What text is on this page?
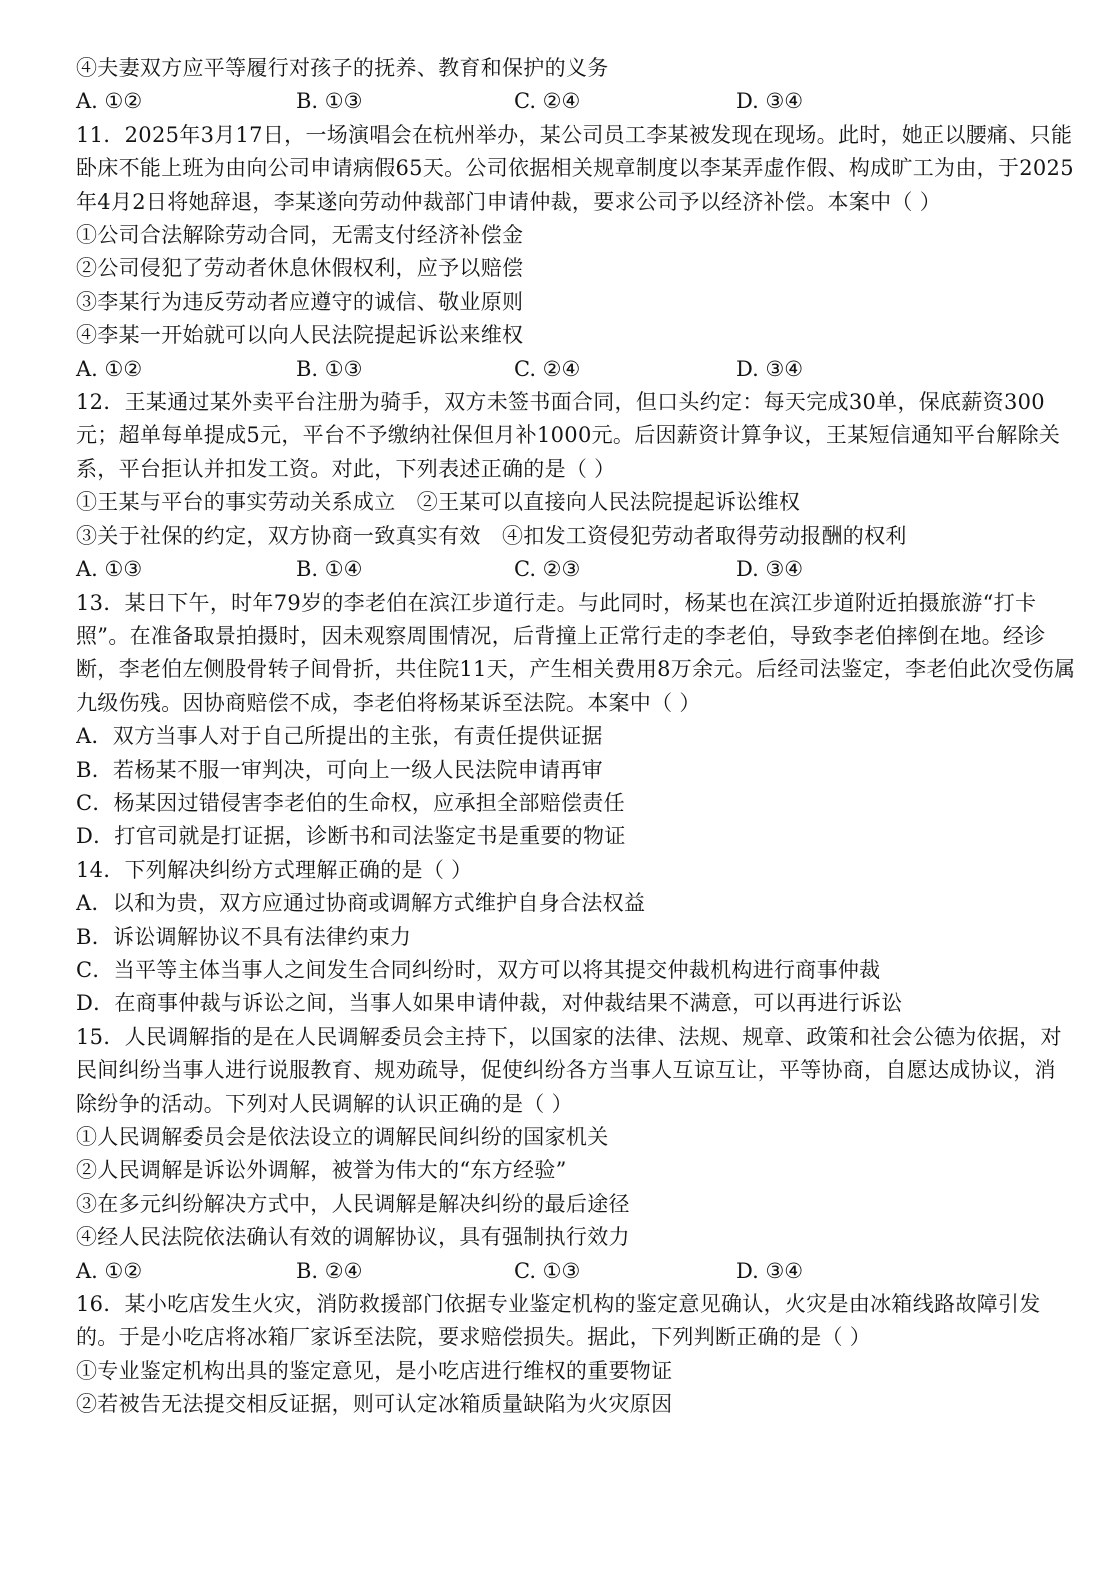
④夫妻双方应平等履行对孩子的抚养、教育和保护的义务
A. ①②	B. ①③	C. ②④	D. ③④
11．2025年3月17日，一场演唱会在杭州举办，某公司员工李某被发现在现场。此时，她正以腰痛、只能卧床不能上班为由向公司申请病假65天。公司依据相关规章制度以李某弄虚作假、构成旷工为由，于2025年4月2日将她辞退，李某遂向劳动仲裁部门申请仲裁，要求公司予以经济补偿。本案中（ ）
①公司合法解除劳动合同，无需支付经济补偿金
②公司侵犯了劳动者休息休假权利，应予以赔偿
③李某行为违反劳动者应遵守的诚信、敬业原则
④李某一开始就可以向人民法院提起诉讼来维权
A. ①②	B. ①③	C. ②④	D. ③④
12．王某通过某外卖平台注册为骑手，双方未签书面合同，但口头约定：每天完成30单，保底薪资300元；超单每单提成5元，平台不予缴纳社保但月补1000元。后因薪资计算争议，王某短信通知平台解除关系，平台拒认并扣发工资。对此，下列表述正确的是（ ）
①王某与平台的事实劳动关系成立　②王某可以直接向人民法院提起诉讼维权
③关于社保的约定，双方协商一致真实有效　④扣发工资侵犯劳动者取得劳动报酬的权利
A. ①③	B. ①④	C. ②③	D. ③④
13．某日下午，时年79岁的李老伯在滨江步道行走。与此同时，杨某也在滨江步道附近拍摄旅游“打卡照”。在准备取景拍摄时，因未观察周围情况，后背撞上正常行走的李老伯，导致李老伯摔倒在地。经诊断，李老伯左侧股骨转子间骨折，共住院11天，产生相关费用8万余元。后经司法鉴定，李老伯此次受伤属九级伤残。因协商赔偿不成，李老伯将杨某诉至法院。本案中（ ）
A．双方当事人对于自己所提出的主张，有责任提供证据
B．若杨某不服一审判决，可向上一级人民法院申请再审
C．杨某因过错侵害李老伯的生命权，应承担全部赔偿责任
D．打官司就是打证据，诊断书和司法鉴定书是重要的物证
14．下列解决纠纷方式理解正确的是（ ）
A．以和为贵，双方应通过协商或调解方式维护自身合法权益
B．诉讼调解协议不具有法律约束力
C．当平等主体当事人之间发生合同纠纷时，双方可以将其提交仲裁机构进行商事仲裁
D．在商事仲裁与诉讼之间，当事人如果申请仲裁，对仲裁结果不满意，可以再进行诉讼
15．人民调解指的是在人民调解委员会主持下，以国家的法律、法规、规章、政策和社会公德为依据，对民间纠纷当事人进行说服教育、规劝疏导，促使纠纷各方当事人互谅互让，平等协商，自愿达成协议，消除纷争的活动。下列对人民调解的认识正确的是（ ）
①人民调解委员会是依法设立的调解民间纠纷的国家机关
②人民调解是诉讼外调解，被誉为伟大的“东方经验”
③在多元纠纷解决方式中，人民调解是解决纠纷的最后途径
④经人民法院依法确认有效的调解协议，具有强制执行效力
A. ①②	B. ②④	C. ①③	D. ③④
16．某小吃店发生火灾，消防救援部门依据专业鉴定机构的鉴定意见确认，火灾是由冰箱线路故障引发的。于是小吃店将冰箱厂家诉至法院，要求赔偿损失。据此，下列判断正确的是（ ）
①专业鉴定机构出具的鉴定意见，是小吃店进行维权的重要物证
②若被告无法提交相反证据，则可认定冰箱质量缺陷为火灾原因
